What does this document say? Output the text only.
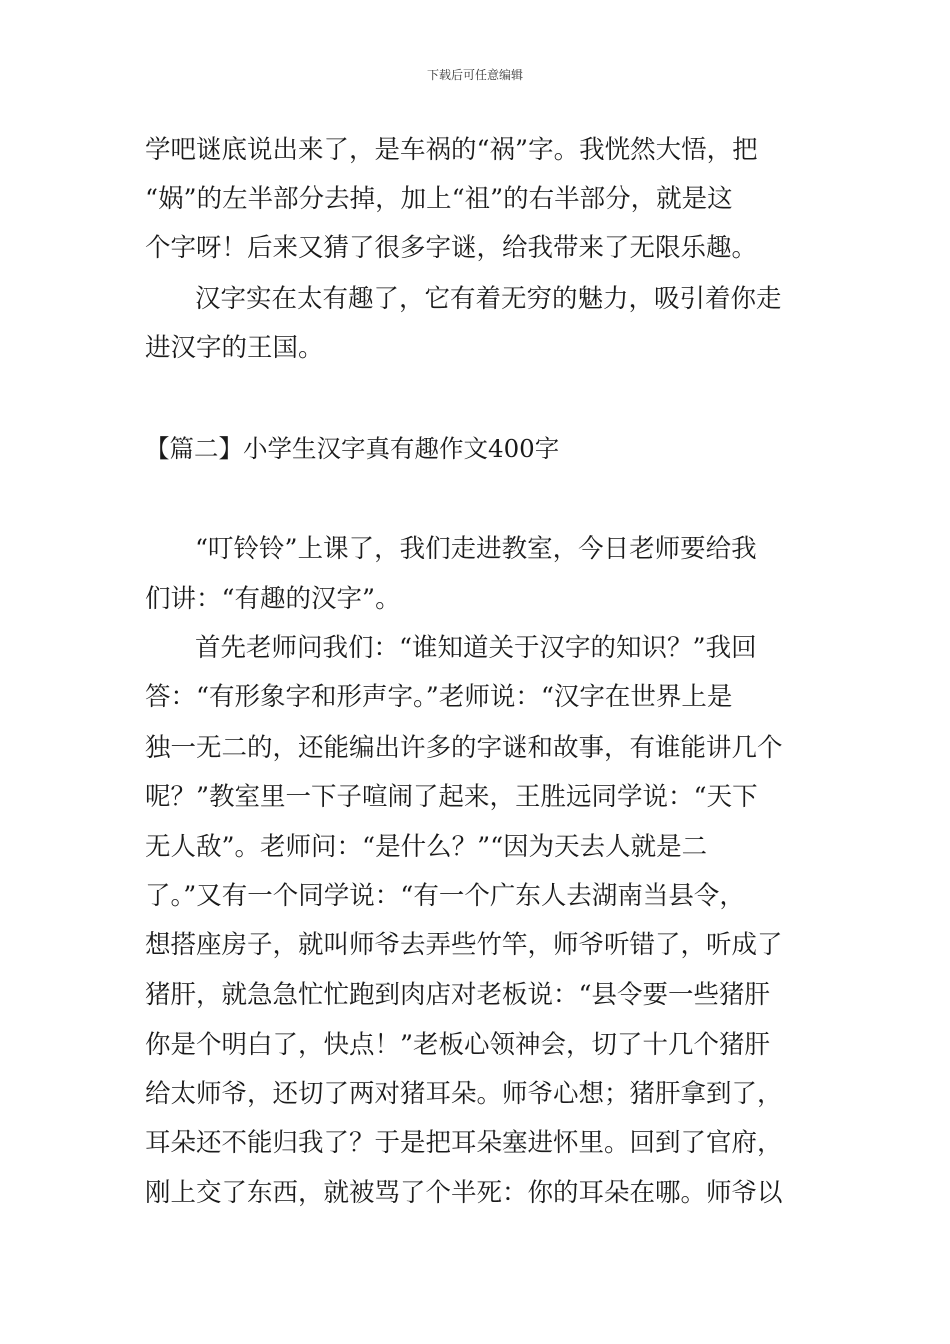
下载后可任意编辑
学吧谜底说出来了，是车祸的“祸”字。我恍然大悟，把
“娲”的左半部分去掉，加上“祖”的右半部分，就是这
个字呀！后来又猜了很多字谜，给我带来了无限乐趣。
汉字实在太有趣了，它有着无穷的魅力，吸引着你走
进汉字的王国。
【篇二】小学生汉字真有趣作文400字
“叮铃铃”上课了，我们走进教室，今日老师要给我
们讲：“有趣的汉字”。
首先老师问我们：“谁知道关于汉字的知识？”我回
答：“有形象字和形声字。”老师说：“汉字在世界上是
独一无二的，还能编出许多的字谜和故事，有谁能讲几个
呢？”教室里一下子喧闹了起来，王胜远同学说：“天下
无人敌”。老师问：“是什么？”“因为天去人就是二
了。”又有一个同学说：“有一个广东人去湖南当县令，
想搭座房子，就叫师爷去弄些竹竿，师爷听错了，听成了
猪肝，就急急忙忙跑到肉店对老板说：“县令要一些猪肝
你是个明白了，快点！”老板心领神会，切了十几个猪肝
给太师爷，还切了两对猪耳朵。师爷心想；猪肝拿到了，
耳朵还不能归我了？于是把耳朵塞进怀里。回到了官府，
刚上交了东西，就被骂了个半死：你的耳朵在哪。师爷以
